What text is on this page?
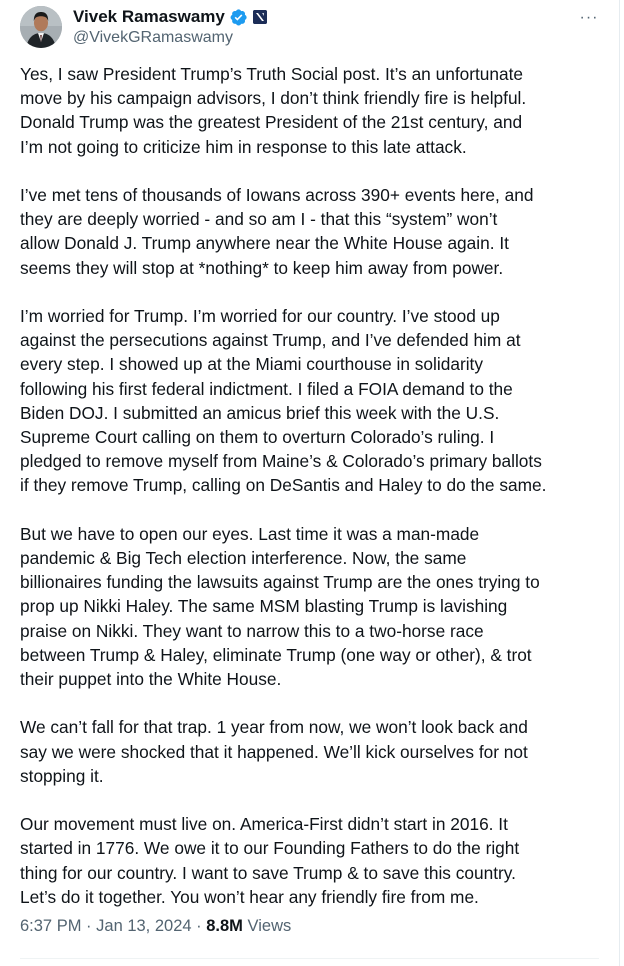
Vivek Ramaswamy
@VivekGRamaswamy
···

Yes, I saw President Trump’s Truth Social post. It’s an unfortunate
move by his campaign advisors, I don’t think friendly fire is helpful.
Donald Trump was the greatest President of the 21st century, and
I’m not going to criticize him in response to this late attack.

I’ve met tens of thousands of Iowans across 390+ events here, and
they are deeply worried - and so am I - that this “system” won’t
allow Donald J. Trump anywhere near the White House again. It
seems they will stop at *nothing* to keep him away from power.

I’m worried for Trump. I’m worried for our country. I’ve stood up
against the persecutions against Trump, and I’ve defended him at
every step. I showed up at the Miami courthouse in solidarity
following his first federal indictment. I filed a FOIA demand to the
Biden DOJ. I submitted an amicus brief this week with the U.S.
Supreme Court calling on them to overturn Colorado’s ruling. I
pledged to remove myself from Maine’s & Colorado’s primary ballots
if they remove Trump, calling on DeSantis and Haley to do the same.

But we have to open our eyes. Last time it was a man-made
pandemic & Big Tech election interference. Now, the same
billionaires funding the lawsuits against Trump are the ones trying to
prop up Nikki Haley. The same MSM blasting Trump is lavishing
praise on Nikki. They want to narrow this to a two-horse race
between Trump & Haley, eliminate Trump (one way or other), & trot
their puppet into the White House.

We can’t fall for that trap. 1 year from now, we won’t look back and
say we were shocked that it happened. We’ll kick ourselves for not
stopping it.

Our movement must live on. America-First didn’t start in 2016. It
started in 1776. We owe it to our Founding Fathers to do the right
thing for our country. I want to save Trump & to save this country.
Let’s do it together. You won’t hear any friendly fire from me.

6:37 PM · Jan 13, 2024 · 8.8M Views
